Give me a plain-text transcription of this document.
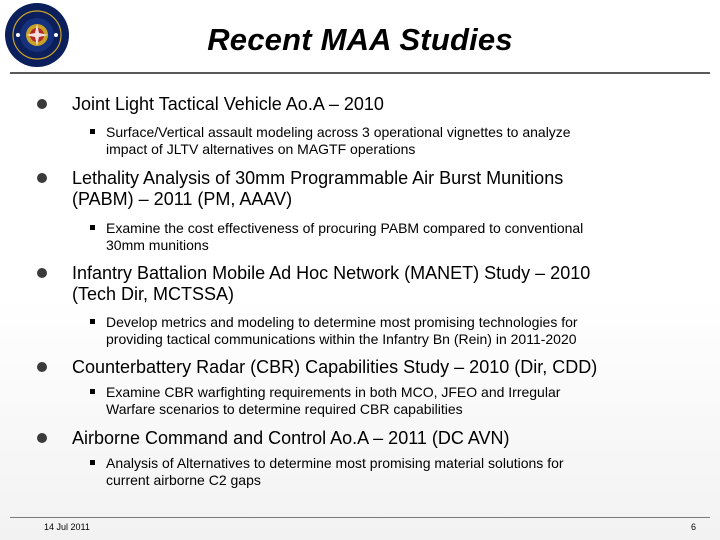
Recent MAA Studies
Joint Light Tactical Vehicle Ao.A – 2010
Surface/Vertical assault modeling across 3 operational vignettes to analyze
impact of JLTV alternatives on MAGTF operations
Lethality Analysis of 30mm Programmable Air Burst Munitions
(PABM) – 2011 (PM, AAAV)
Examine the cost effectiveness of procuring PABM compared to conventional
30mm munitions
Infantry Battalion Mobile Ad Hoc Network (MANET) Study – 2010
(Tech Dir, MCTSSA)
Develop metrics and modeling to determine most promising technologies for
providing tactical communications within the Infantry Bn (Rein) in 2011-2020
Counterbattery Radar (CBR) Capabilities Study – 2010 (Dir, CDD)
Examine CBR warfighting requirements in both MCO, JFEO and Irregular
Warfare scenarios to determine required CBR capabilities
Airborne Command and Control Ao.A – 2011 (DC AVN)
Analysis of Alternatives to determine most promising material solutions for
current airborne C2 gaps
14 Jul 2011	6
